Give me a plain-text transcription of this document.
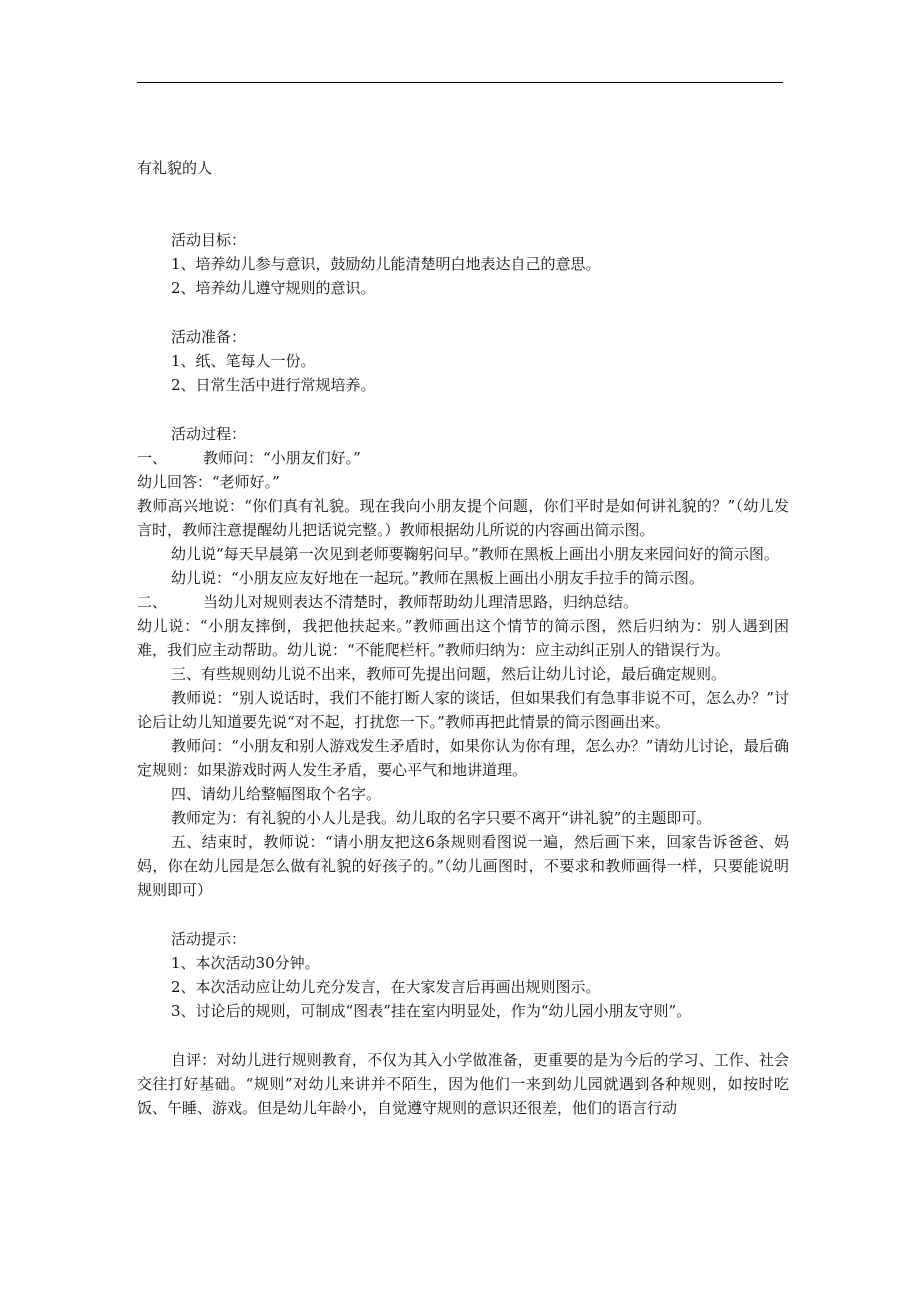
有礼貌的人

活动目标：

1、培养幼儿参与意识，鼓励幼儿能清楚明白地表达自己的意思。

2、培养幼儿遵守规则的意识。

活动准备：

1、纸、笔每人一份。

2、日常生活中进行常规培养。

活动过程：

一、 教师问：“小朋友们好。”

幼儿回答：“老师好。”

教师高兴地说：“你们真有礼貌。现在我向小朋友提个问题，你们平时是如何讲礼貌的？”（幼儿发言时，教师注意提醒幼儿把话说完整。）教师根据幼儿所说的内容画出简示图。

幼儿说“每天早晨第一次见到老师要鞠躬问早。”教师在黑板上画出小朋友来园问好的简示图。

幼儿说：“小朋友应友好地在一起玩。”教师在黑板上画出小朋友手拉手的简示图。

二、 当幼儿对规则表达不清楚时，教师帮助幼儿理清思路，归纳总结。

幼儿说：“小朋友摔倒，我把他扶起来。”教师画出这个情节的简示图，然后归纳为：别人遇到困难，我们应主动帮助。幼儿说：“不能爬栏杆。”教师归纳为：应主动纠正别人的错误行为。

三、有些规则幼儿说不出来，教师可先提出问题，然后让幼儿讨论，最后确定规则。

教师说：“别人说话时，我们不能打断人家的谈话，但如果我们有急事非说不可，怎么办？”讨论后让幼儿知道要先说“对不起，打扰您一下。”教师再把此情景的简示图画出来。

教师问：“小朋友和别人游戏发生矛盾时，如果你认为你有理，怎么办？”请幼儿讨论，最后确定规则：如果游戏时两人发生矛盾，要心平气和地讲道理。

四、请幼儿给整幅图取个名字。

教师定为：有礼貌的小人儿是我。幼儿取的名字只要不离开“讲礼貌”的主题即可。

五、结束时，教师说：“请小朋友把这6条规则看图说一遍，然后画下来，回家告诉爸爸、妈妈，你在幼儿园是怎么做有礼貌的好孩子的。”（幼儿画图时，不要求和教师画得一样，只要能说明规则即可）

活动提示：

1、本次活动30分钟。

2、本次活动应让幼儿充分发言，在大家发言后再画出规则图示。

3、讨论后的规则，可制成“图表”挂在室内明显处，作为“幼儿园小朋友守则”。

自评：对幼儿进行规则教育，不仅为其入小学做准备，更重要的是为今后的学习、工作、社会交往打好基础。“规则”对幼儿来讲并不陌生，因为他们一来到幼儿园就遇到各种规则，如按时吃饭、午睡、游戏。但是幼儿年龄小，自觉遵守规则的意识还很差，他们的语言行动
